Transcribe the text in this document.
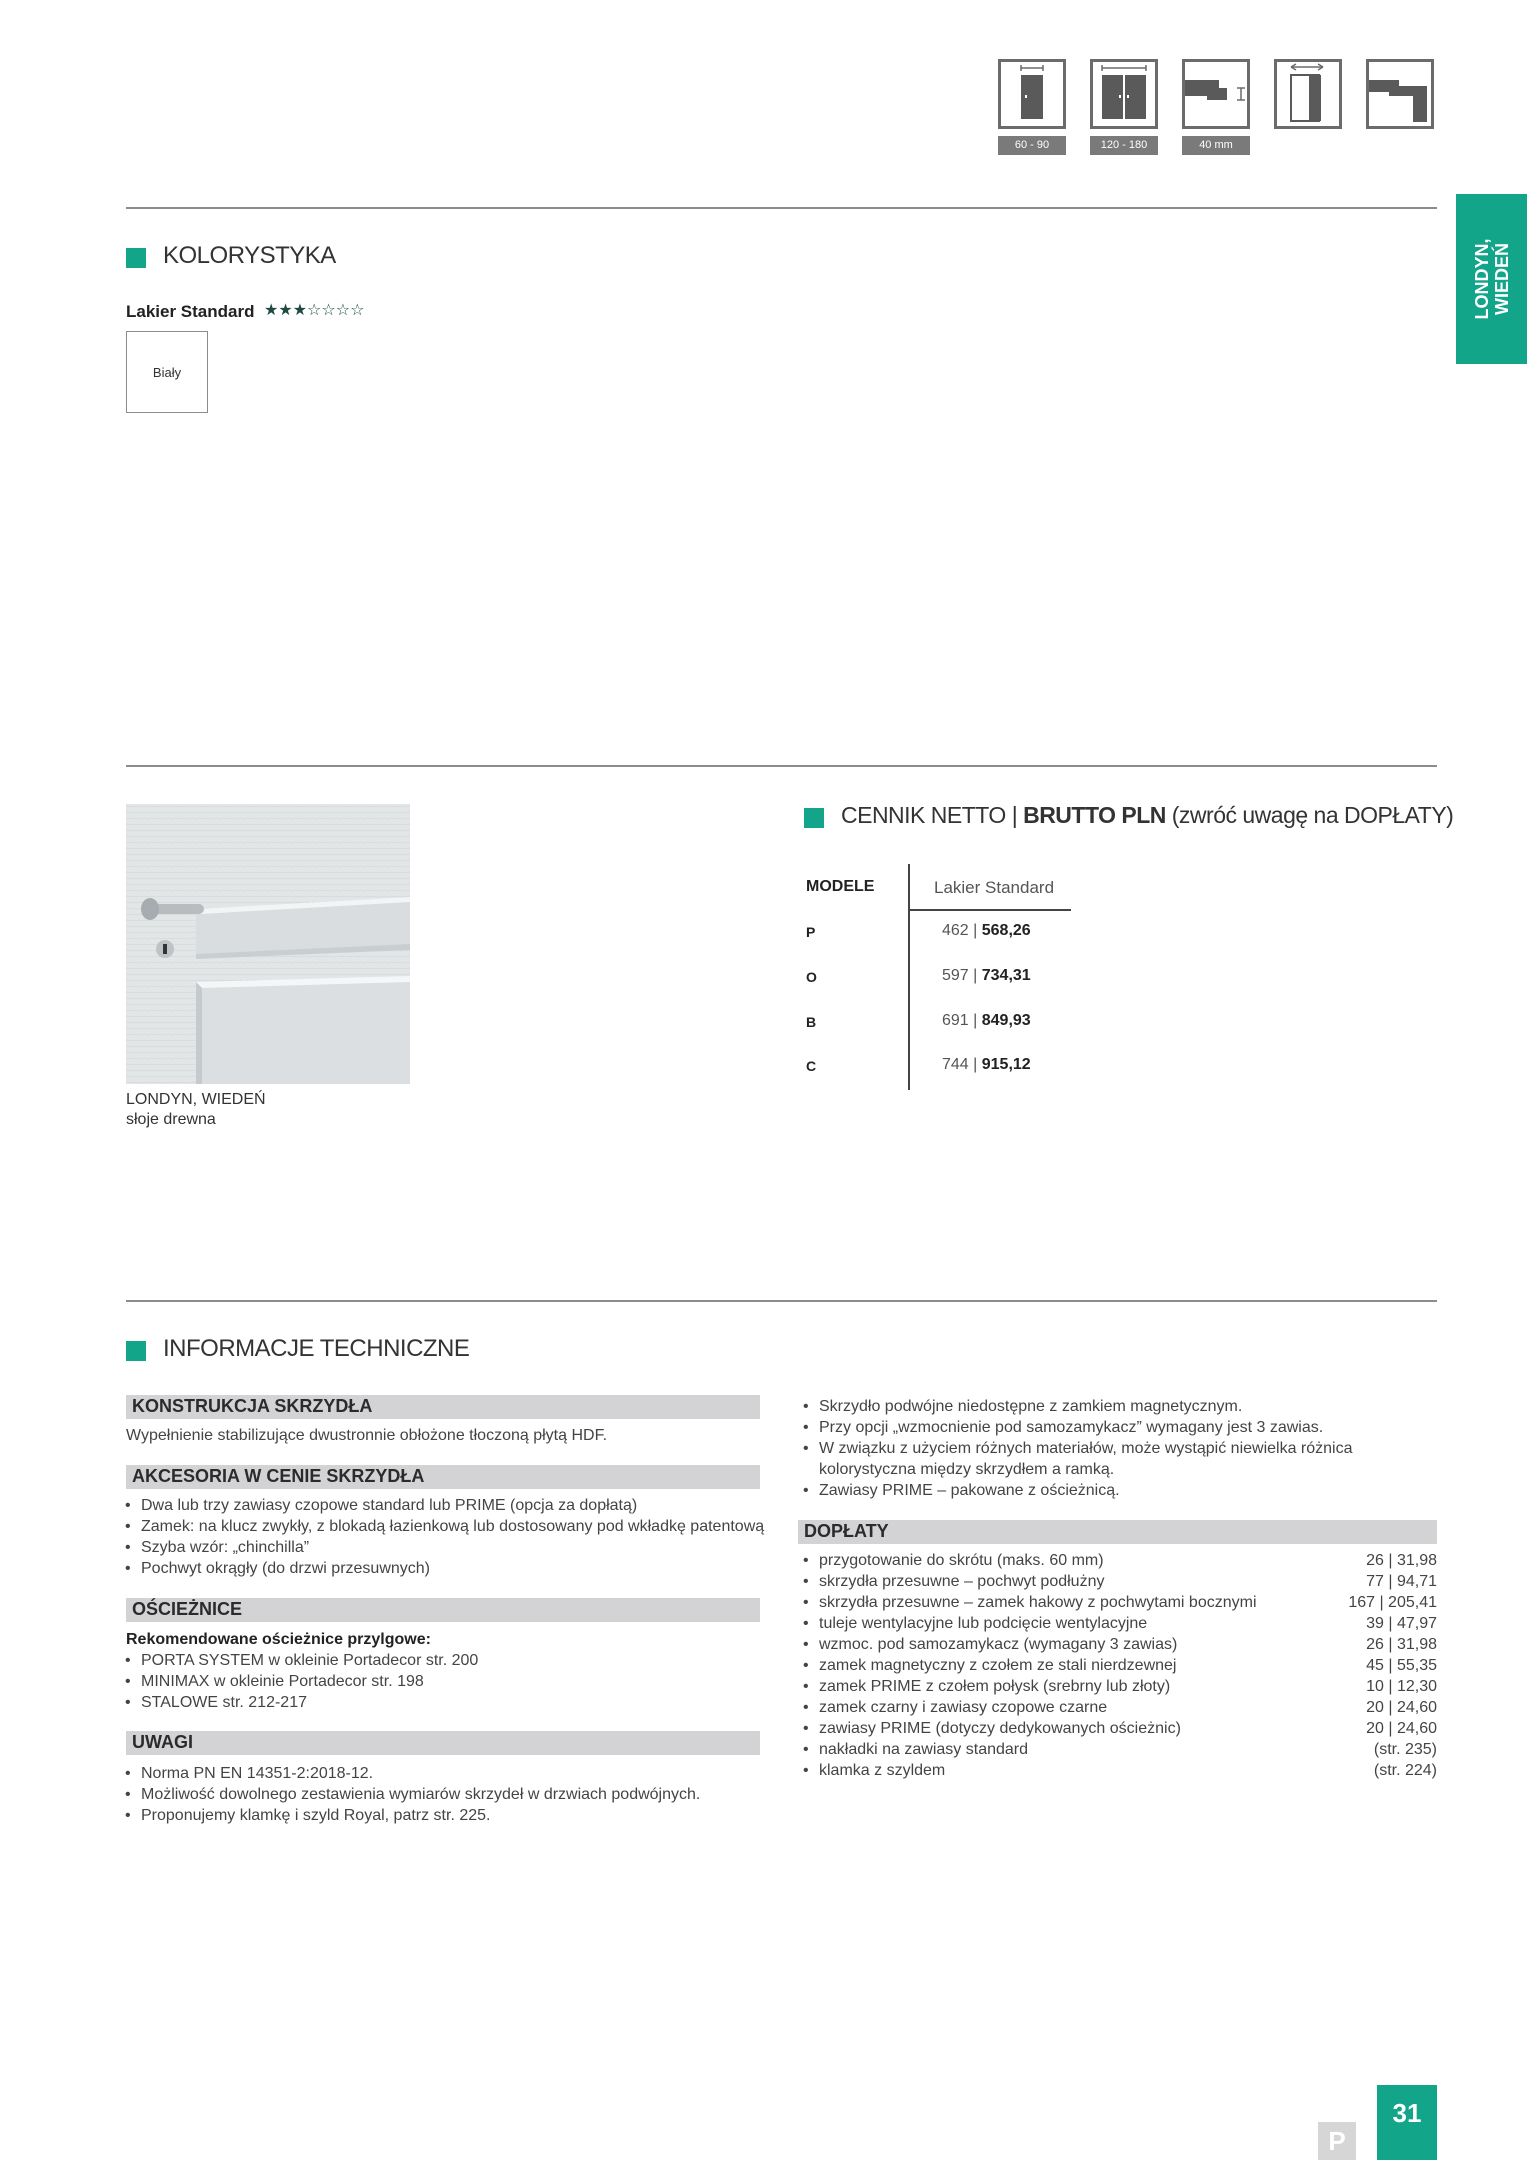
60 - 90	120 - 180	40 mm
LONDYN, WIEDEŃ
KOLORYSTYKA
Lakier Standard ★★★☆☆☆☆
Biały
LONDYN, WIEDEŃ
słoje drewna
CENNIK NETTO | BRUTTO PLN (zwróć uwagę na DOPŁATY)
MODELE	Lakier Standard
P	462 | 568,26
O	597 | 734,31
B	691 | 849,93
C	744 | 915,12
INFORMACJE TECHNICZNE
KONSTRUKCJA SKRZYDŁA
Wypełnienie stabilizujące dwustronnie obłożone tłoczoną płytą HDF.
AKCESORIA W CENIE SKRZYDŁA
• Dwa lub trzy zawiasy czopowe standard lub PRIME (opcja za dopłatą)
• Zamek: na klucz zwykły, z blokadą łazienkową lub dostosowany pod wkładkę patentową
• Szyba wzór: „chinchilla”
• Pochwyt okrągły (do drzwi przesuwnych)
OŚCIEŻNICE
Rekomendowane ościeżnice przylgowe:
• PORTA SYSTEM w okleinie Portadecor str. 200
• MINIMAX w okleinie Portadecor str. 198
• STALOWE str. 212-217
UWAGI
• Norma PN EN 14351-2:2018-12.
• Możliwość dowolnego zestawienia wymiarów skrzydeł w drzwiach podwójnych.
• Proponujemy klamkę i szyld Royal, patrz str. 225.
• Skrzydło podwójne niedostępne z zamkiem magnetycznym.
• Przy opcji „wzmocnienie pod samozamykacz” wymagany jest 3 zawias.
• W związku z użyciem różnych materiałów, może wystąpić niewielka różnica
kolorystyczna między skrzydłem a ramką.
• Zawiasy PRIME – pakowane z ościeżnicą.
DOPŁATY
przygotowanie do skrótu (maks. 60 mm)	26 | 31,98
skrzydła przesuwne – pochwyt podłużny	77 | 94,71
skrzydła przesuwne – zamek hakowy z pochwytami bocznymi	167 | 205,41
tuleje wentylacyjne lub podcięcie wentylacyjne	39 | 47,97
wzmoc. pod samozamykacz (wymagany 3 zawias)	26 | 31,98
zamek magnetyczny z czołem ze stali nierdzewnej	45 | 55,35
zamek PRIME z czołem połysk (srebrny lub złoty)	10 | 12,30
zamek czarny i zawiasy czopowe czarne	20 | 24,60
zawiasy PRIME (dotyczy dedykowanych ościeżnic)	20 | 24,60
nakładki na zawiasy standard	(str. 235)
klamka z szyldem	(str. 224)
P
31
